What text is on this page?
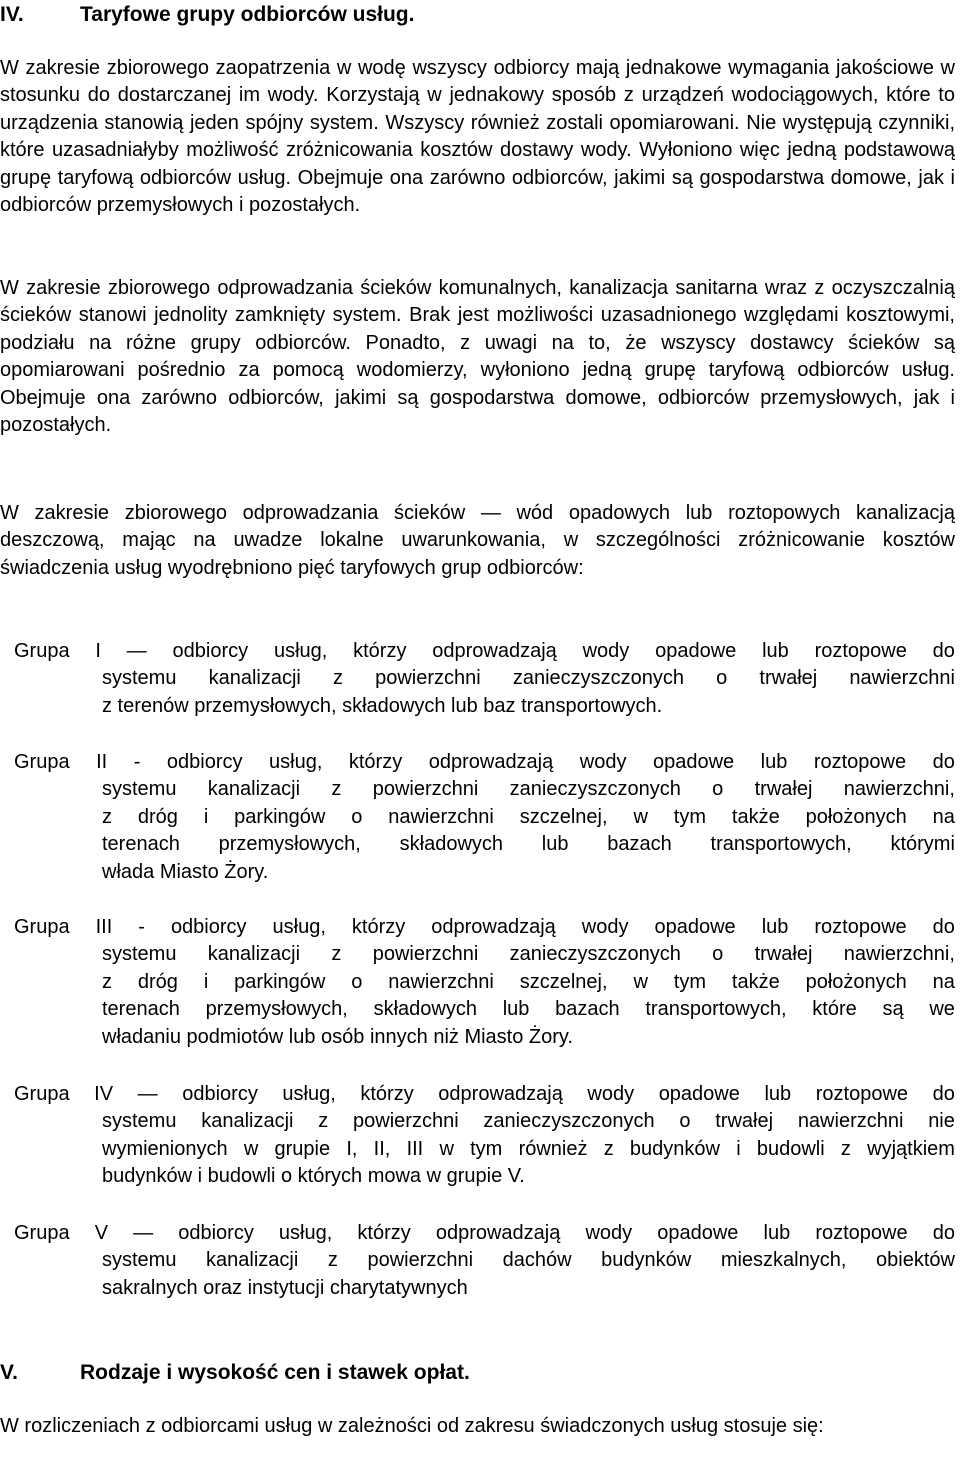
IV.	Taryfowe grupy odbiorców usług.

W zakresie zbiorowego zaopatrzenia w wodę wszyscy odbiorcy mają jednakowe wymagania jakościowe w stosunku do dostarczanej im wody. Korzystają w jednakowy sposób z urządzeń wodociągowych, które to urządzenia stanowią jeden spójny system. Wszyscy również zostali opomiarowani. Nie występują czynniki, które uzasadniałyby możliwość zróżnicowania kosztów dostawy wody. Wyłoniono więc jedną podstawową grupę taryfową odbiorców usług. Obejmuje ona zarówno odbiorców, jakimi są gospodarstwa domowe, jak i odbiorców przemysłowych i pozostałych.

W zakresie zbiorowego odprowadzania ścieków komunalnych, kanalizacja sanitarna wraz z oczyszczalnią ścieków stanowi jednolity zamknięty system. Brak jest możliwości uzasadnionego względami kosztowymi, podziału na różne grupy odbiorców. Ponadto, z uwagi na to, że wszyscy dostawcy ścieków są opomiarowani pośrednio za pomocą wodomierzy, wyłoniono jedną grupę taryfową odbiorców usług. Obejmuje ona zarówno odbiorców, jakimi są gospodarstwa domowe, odbiorców przemysłowych, jak i pozostałych.

W zakresie zbiorowego odprowadzania ścieków — wód opadowych lub roztopowych kanalizacją deszczową, mając na uwadze lokalne uwarunkowania, w szczególności zróżnicowanie kosztów świadczenia usług wyodrębniono pięć taryfowych grup odbiorców:

Grupa I — odbiorcy usług, którzy odprowadzają wody opadowe lub roztopowe do
systemu kanalizacji z powierzchni zanieczyszczonych o trwałej nawierzchni
z terenów przemysłowych, składowych lub baz transportowych.
Grupa II - odbiorcy usług, którzy odprowadzają wody opadowe lub roztopowe do
systemu kanalizacji z powierzchni zanieczyszczonych o trwałej nawierzchni,
z dróg i parkingów o nawierzchni szczelnej, w tym także położonych na
terenach przemysłowych, składowych lub bazach transportowych, którymi
włada Miasto Żory.
Grupa III - odbiorcy usług, którzy odprowadzają wody opadowe lub roztopowe do
systemu kanalizacji z powierzchni zanieczyszczonych o trwałej nawierzchni,
z dróg i parkingów o nawierzchni szczelnej, w tym także położonych na
terenach przemysłowych, składowych lub bazach transportowych, które są we
władaniu podmiotów lub osób innych niż Miasto Żory.
Grupa IV — odbiorcy usług, którzy odprowadzają wody opadowe lub roztopowe do
systemu kanalizacji z powierzchni zanieczyszczonych o trwałej nawierzchni nie
wymienionych w grupie I, II, III w tym również z budynków i budowli z wyjątkiem
budynków i budowli o których mowa w grupie V.
Grupa V — odbiorcy usług, którzy odprowadzają wody opadowe lub roztopowe do
systemu kanalizacji z powierzchni dachów budynków mieszkalnych, obiektów
sakralnych oraz instytucji charytatywnych
V.	Rodzaje i wysokość cen i stawek opłat.

W rozliczeniach z odbiorcami usług w zależności od zakresu świadczonych usług stosuje się:
